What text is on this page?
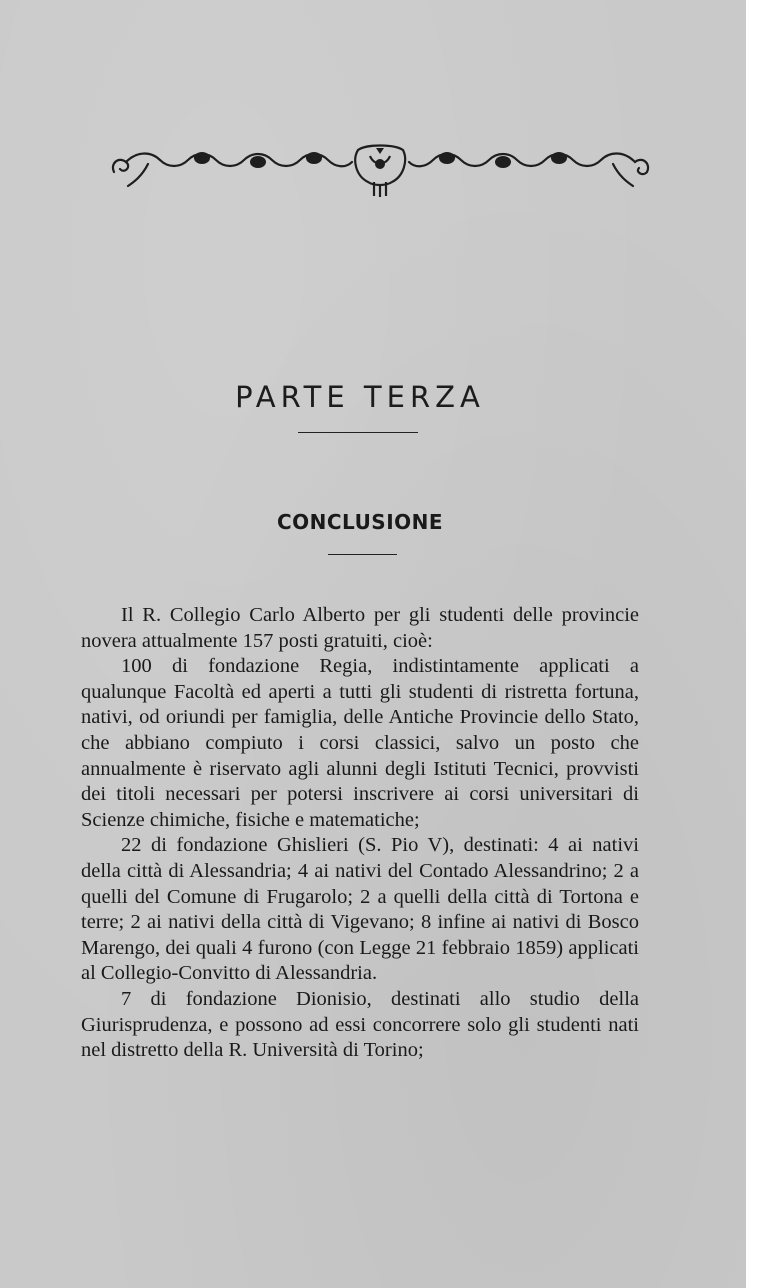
PARTE TERZA
CONCLUSIONE

Il R. Collegio Carlo Alberto per gli studenti delle provincie novera attualmente 157 posti gratuiti, cioè:

100 di fondazione Regia, indistintamente applicati a qualunque Facoltà ed aperti a tutti gli studenti di ristretta fortuna, nativi, od oriundi per famiglia, delle Antiche Provincie dello Stato, che abbiano compiuto i corsi classici, salvo un posto che annualmente è riservato agli alunni degli Istituti Tecnici, provvisti dei titoli necessari per potersi inscrivere ai corsi universitari di Scienze chimiche, fisiche e matematiche;

22 di fondazione Ghislieri (S. Pio V), destinati: 4 ai nativi della città di Alessandria; 4 ai nativi del Contado Alessandrino; 2 a quelli del Comune di Frugarolo; 2 a quelli della città di Tortona e terre; 2 ai nativi della città di Vigevano; 8 infine ai nativi di Bosco Marengo, dei quali 4 furono (con Legge 21 febbraio 1859) applicati al Collegio-Convitto di Alessandria.

7 di fondazione Dionisio, destinati allo studio della Giurisprudenza, e possono ad essi concorrere solo gli studenti nati nel distretto della R. Università di Torino;
